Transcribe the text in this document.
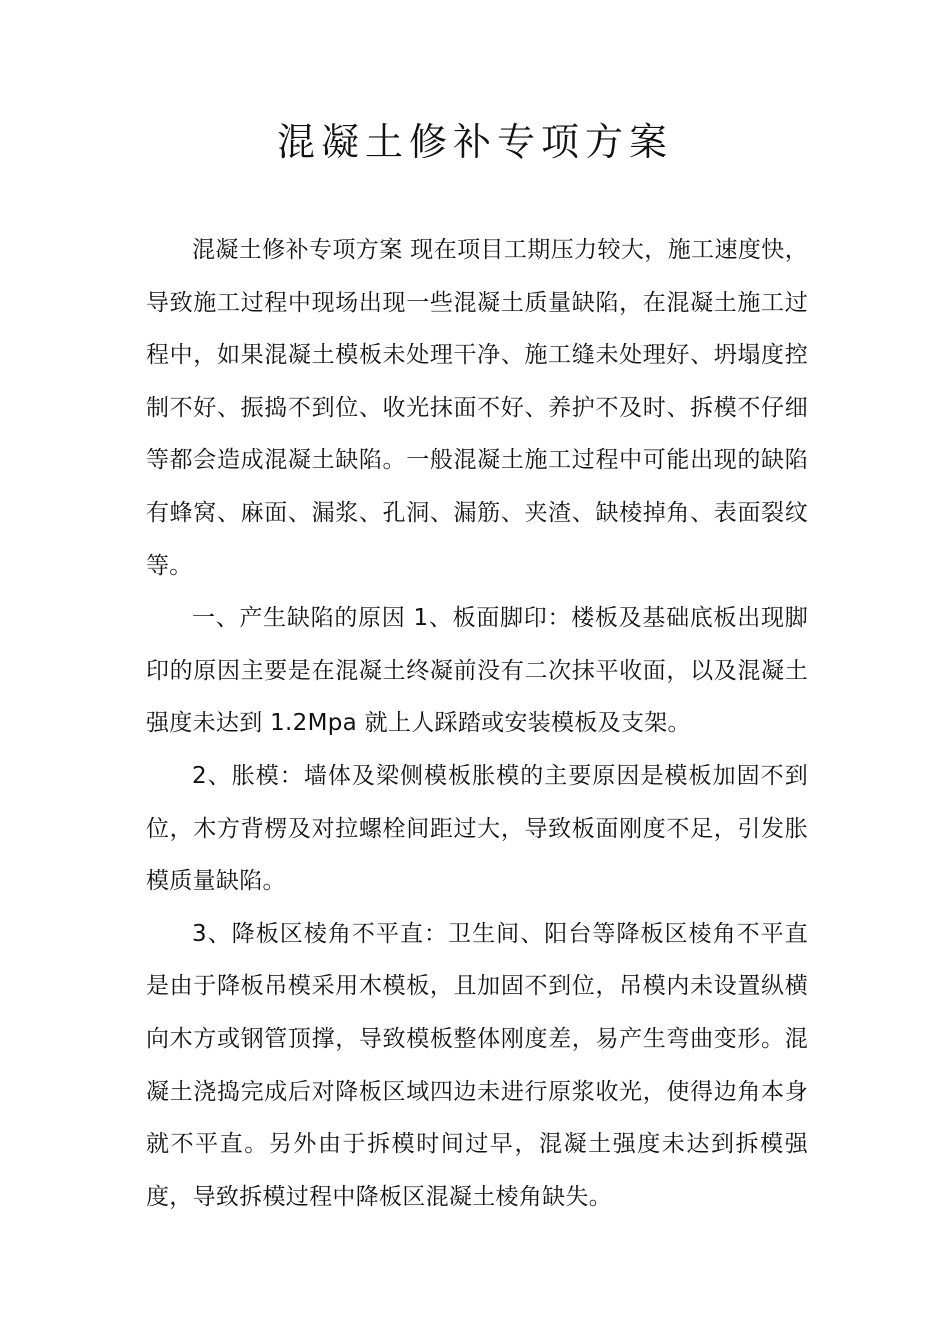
混凝土修补专项方案

混凝土修补专项方案 现在项目工期压力较大，施工速度快，导致施工过程中现场出现一些混凝土质量缺陷，在混凝土施工过程中，如果混凝土模板未处理干净、施工缝未处理好、坍塌度控制不好、振捣不到位、收光抹面不好、养护不及时、拆模不仔细等都会造成混凝土缺陷。一般混凝土施工过程中可能出现的缺陷有蜂窝、麻面、漏浆、孔洞、漏筋、夹渣、缺棱掉角、表面裂纹等。

一、产生缺陷的原因 1、板面脚印：楼板及基础底板出现脚印的原因主要是在混凝土终凝前没有二次抹平收面，以及混凝土强度未达到 1.2Mpa 就上人踩踏或安装模板及支架。

2、胀模：墙体及梁侧模板胀模的主要原因是模板加固不到位，木方背楞及对拉螺栓间距过大，导致板面刚度不足，引发胀模质量缺陷。

3、降板区棱角不平直：卫生间、阳台等降板区棱角不平直是由于降板吊模采用木模板，且加固不到位，吊模内未设置纵横向木方或钢管顶撑，导致模板整体刚度差，易产生弯曲变形。混凝土浇捣完成后对降板区域四边未进行原浆收光，使得边角本身就不平直。另外由于拆模时间过早，混凝土强度未达到拆模强度，导致拆模过程中降板区混凝土棱角缺失。
